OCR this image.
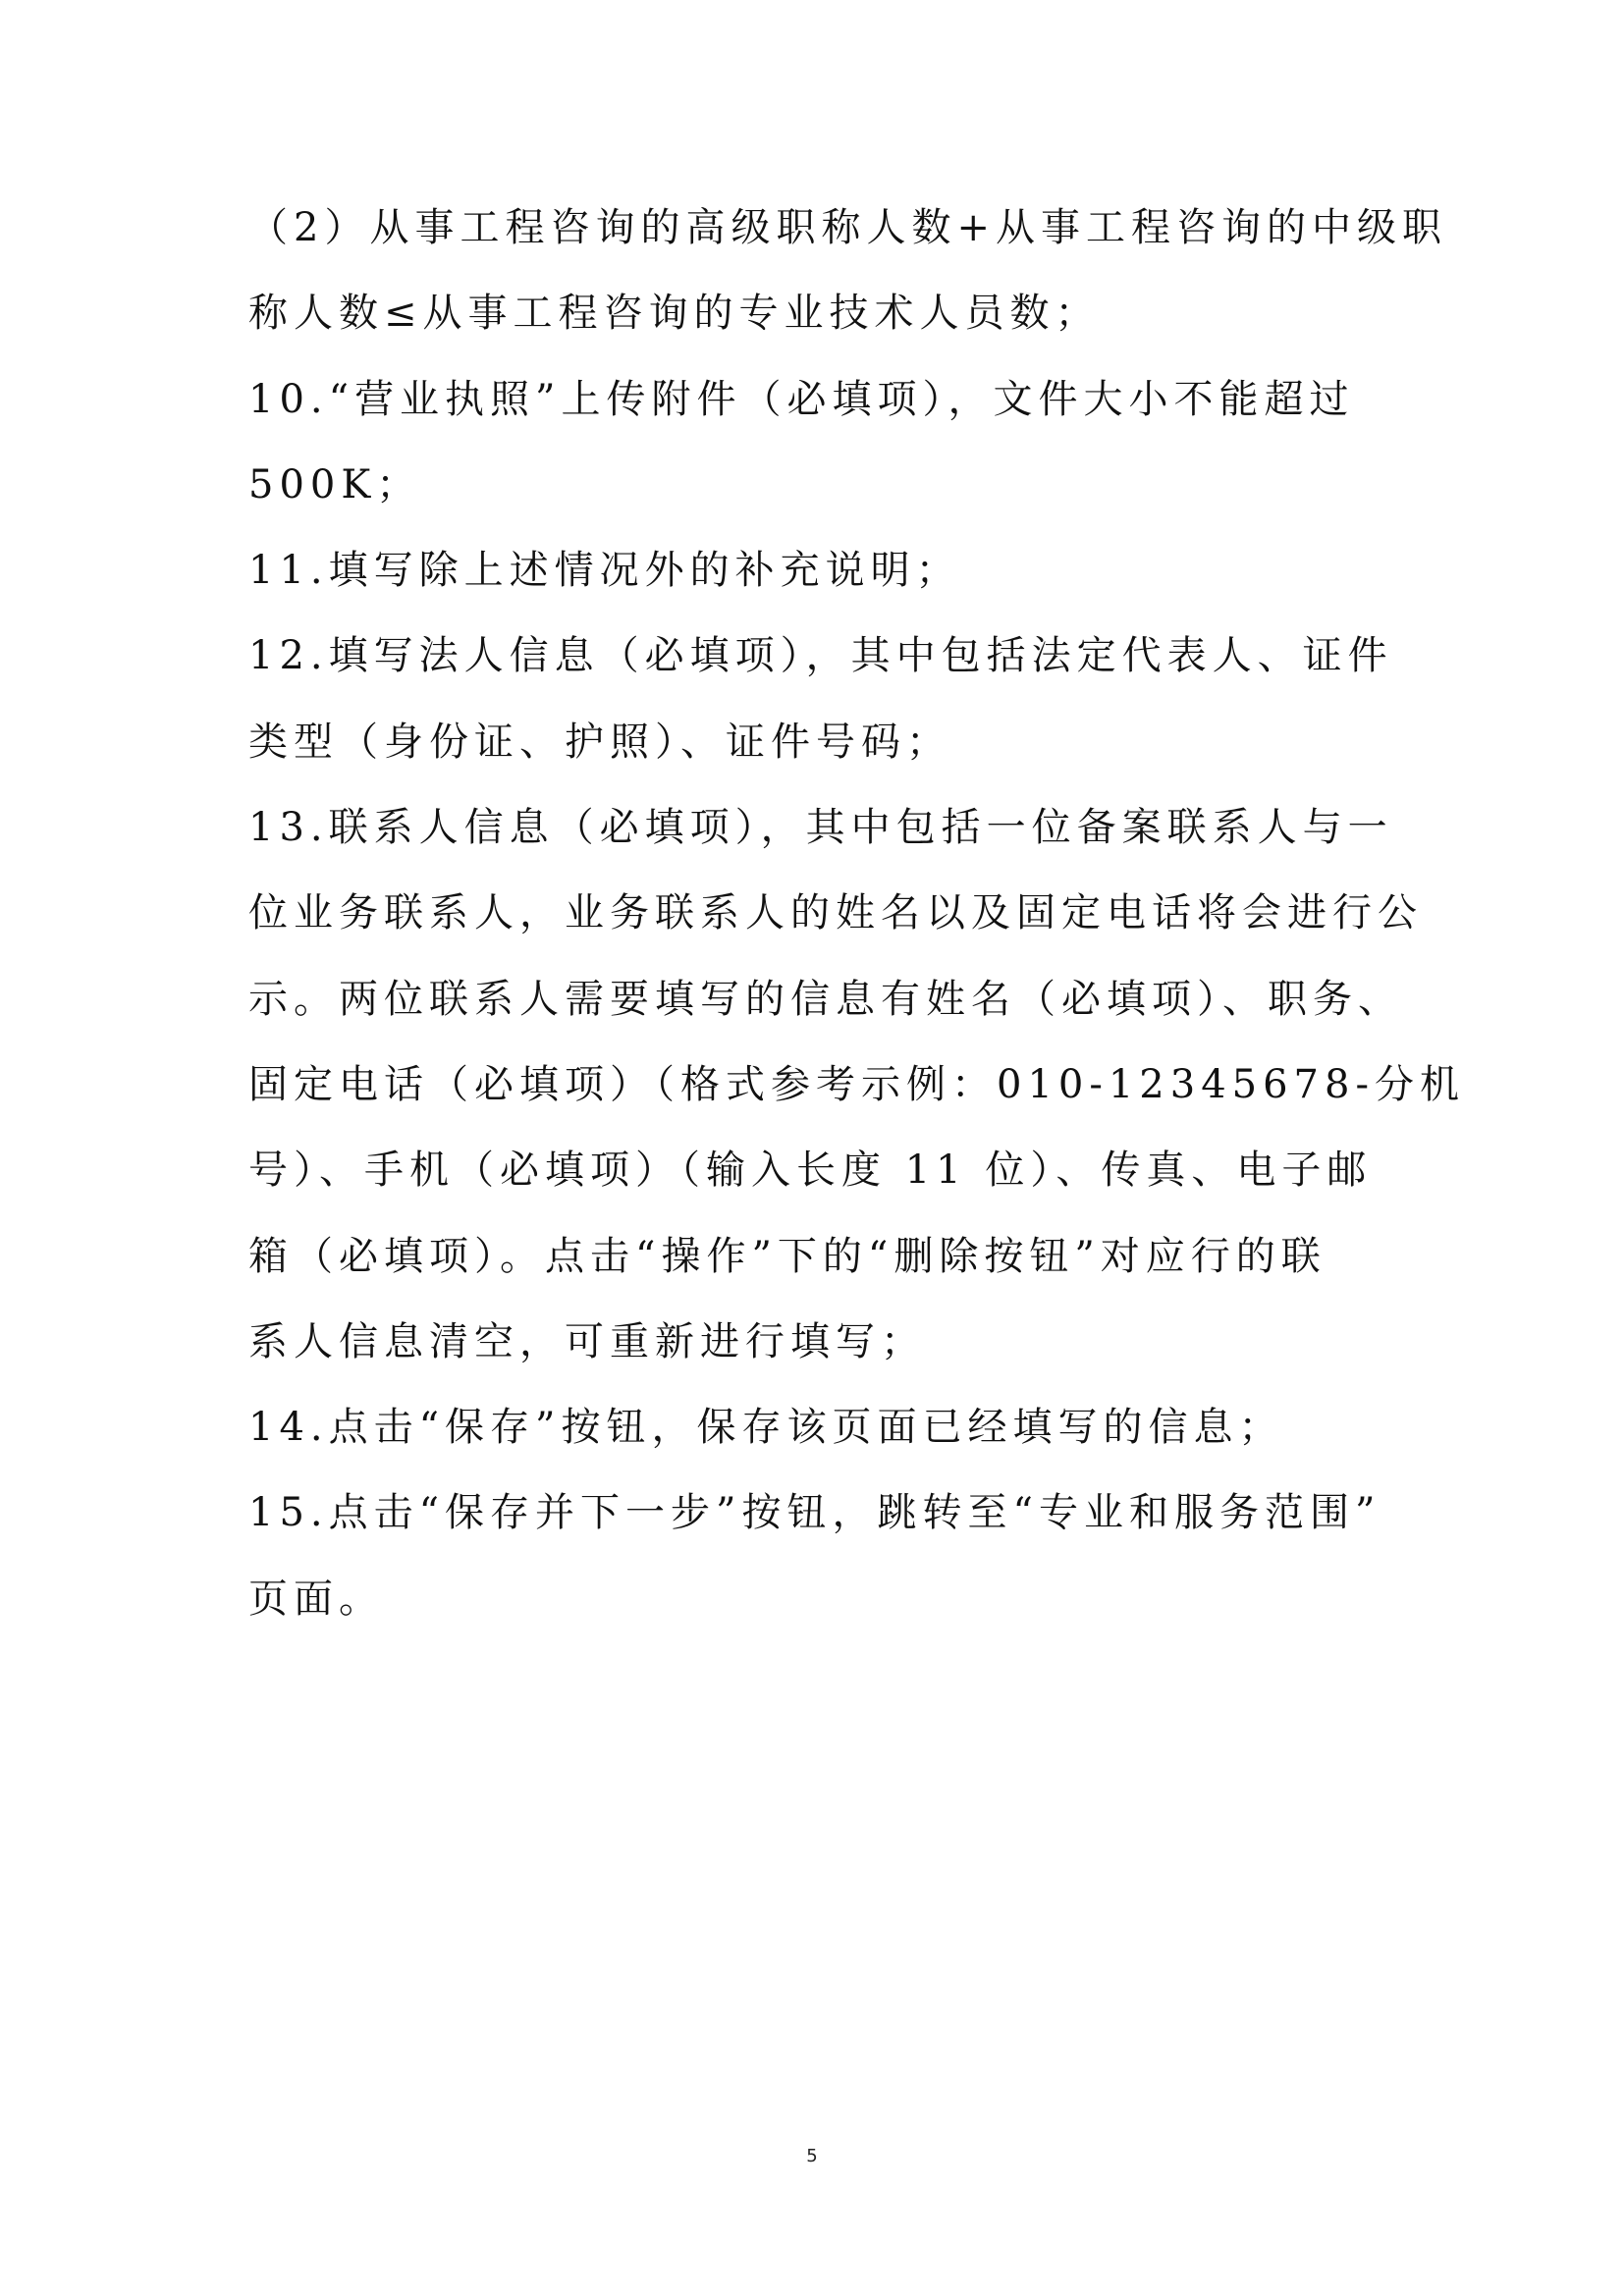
（2）从事工程咨询的高级职称人数+从事工程咨询的中级职
称人数≤从事工程咨询的专业技术人员数；
10.“营业执照”上传附件（必填项），文件大小不能超过
500K；
11.填写除上述情况外的补充说明；
12.填写法人信息（必填项），其中包括法定代表人、证件
类型（身份证、护照）、证件号码；
13.联系人信息（必填项），其中包括一位备案联系人与一
位业务联系人，业务联系人的姓名以及固定电话将会进行公
示。两位联系人需要填写的信息有姓名（必填项）、职务、
固定电话（必填项）（格式参考示例：010-12345678-分机
号）、手机（必填项）（输入长度 11 位）、传真、电子邮
箱（必填项）。点击“操作”下的“删除按钮”对应行的联
系人信息清空，可重新进行填写；
14.点击“保存”按钮，保存该页面已经填写的信息；
15.点击“保存并下一步”按钮，跳转至“专业和服务范围”
页面。
5
